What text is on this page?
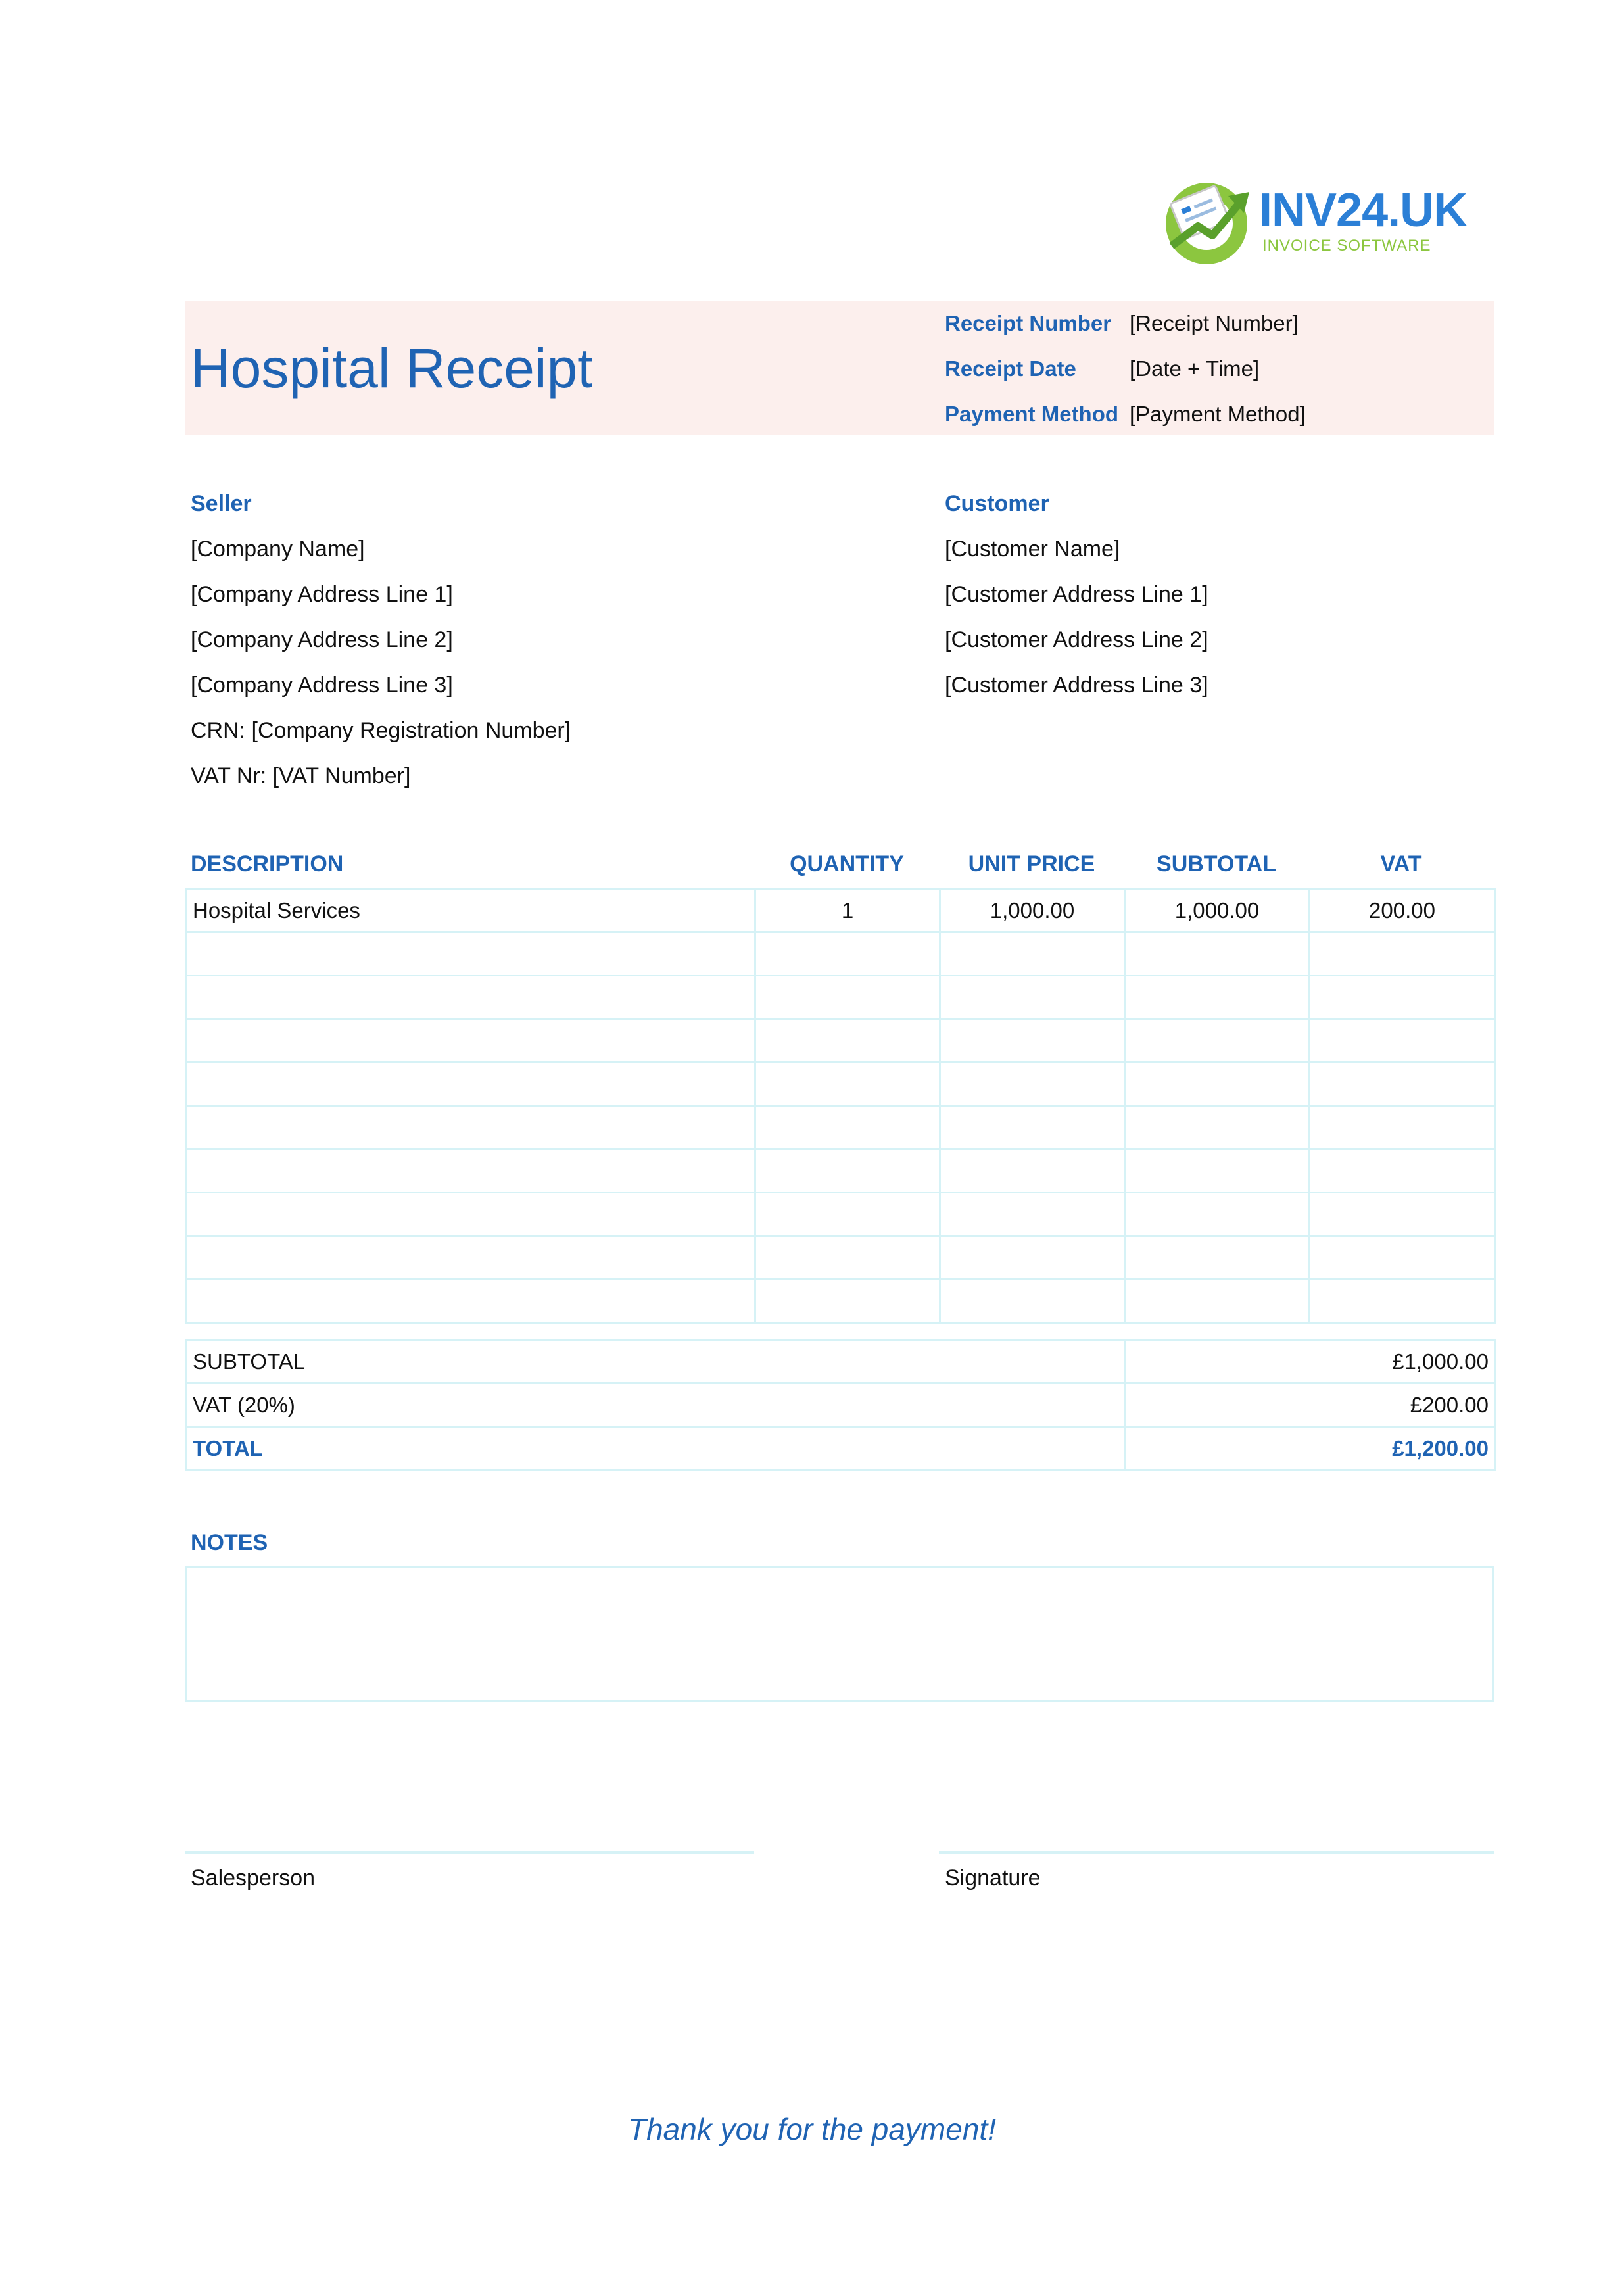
INV24.UK
INVOICE SOFTWARE
Hospital Receipt
Receipt Number [Receipt Number]
Receipt Date [Date + Time]
Payment Method [Payment Method]
Seller
[Company Name]
[Company Address Line 1]
[Company Address Line 2]
[Company Address Line 3]
CRN: [Company Registration Number]
VAT Nr: [VAT Number]
Customer
[Customer Name]
[Customer Address Line 1]
[Customer Address Line 2]
[Customer Address Line 3]
DESCRIPTION	QUANTITY	UNIT PRICE	SUBTOTAL	VAT
Hospital Services	1	1,000.00	1,000.00	200.00

SUBTOTAL	£1,000.00
VAT (20%)	£200.00
TOTAL	£1,200.00
NOTES
Salesperson	Signature
Thank you for the payment!
